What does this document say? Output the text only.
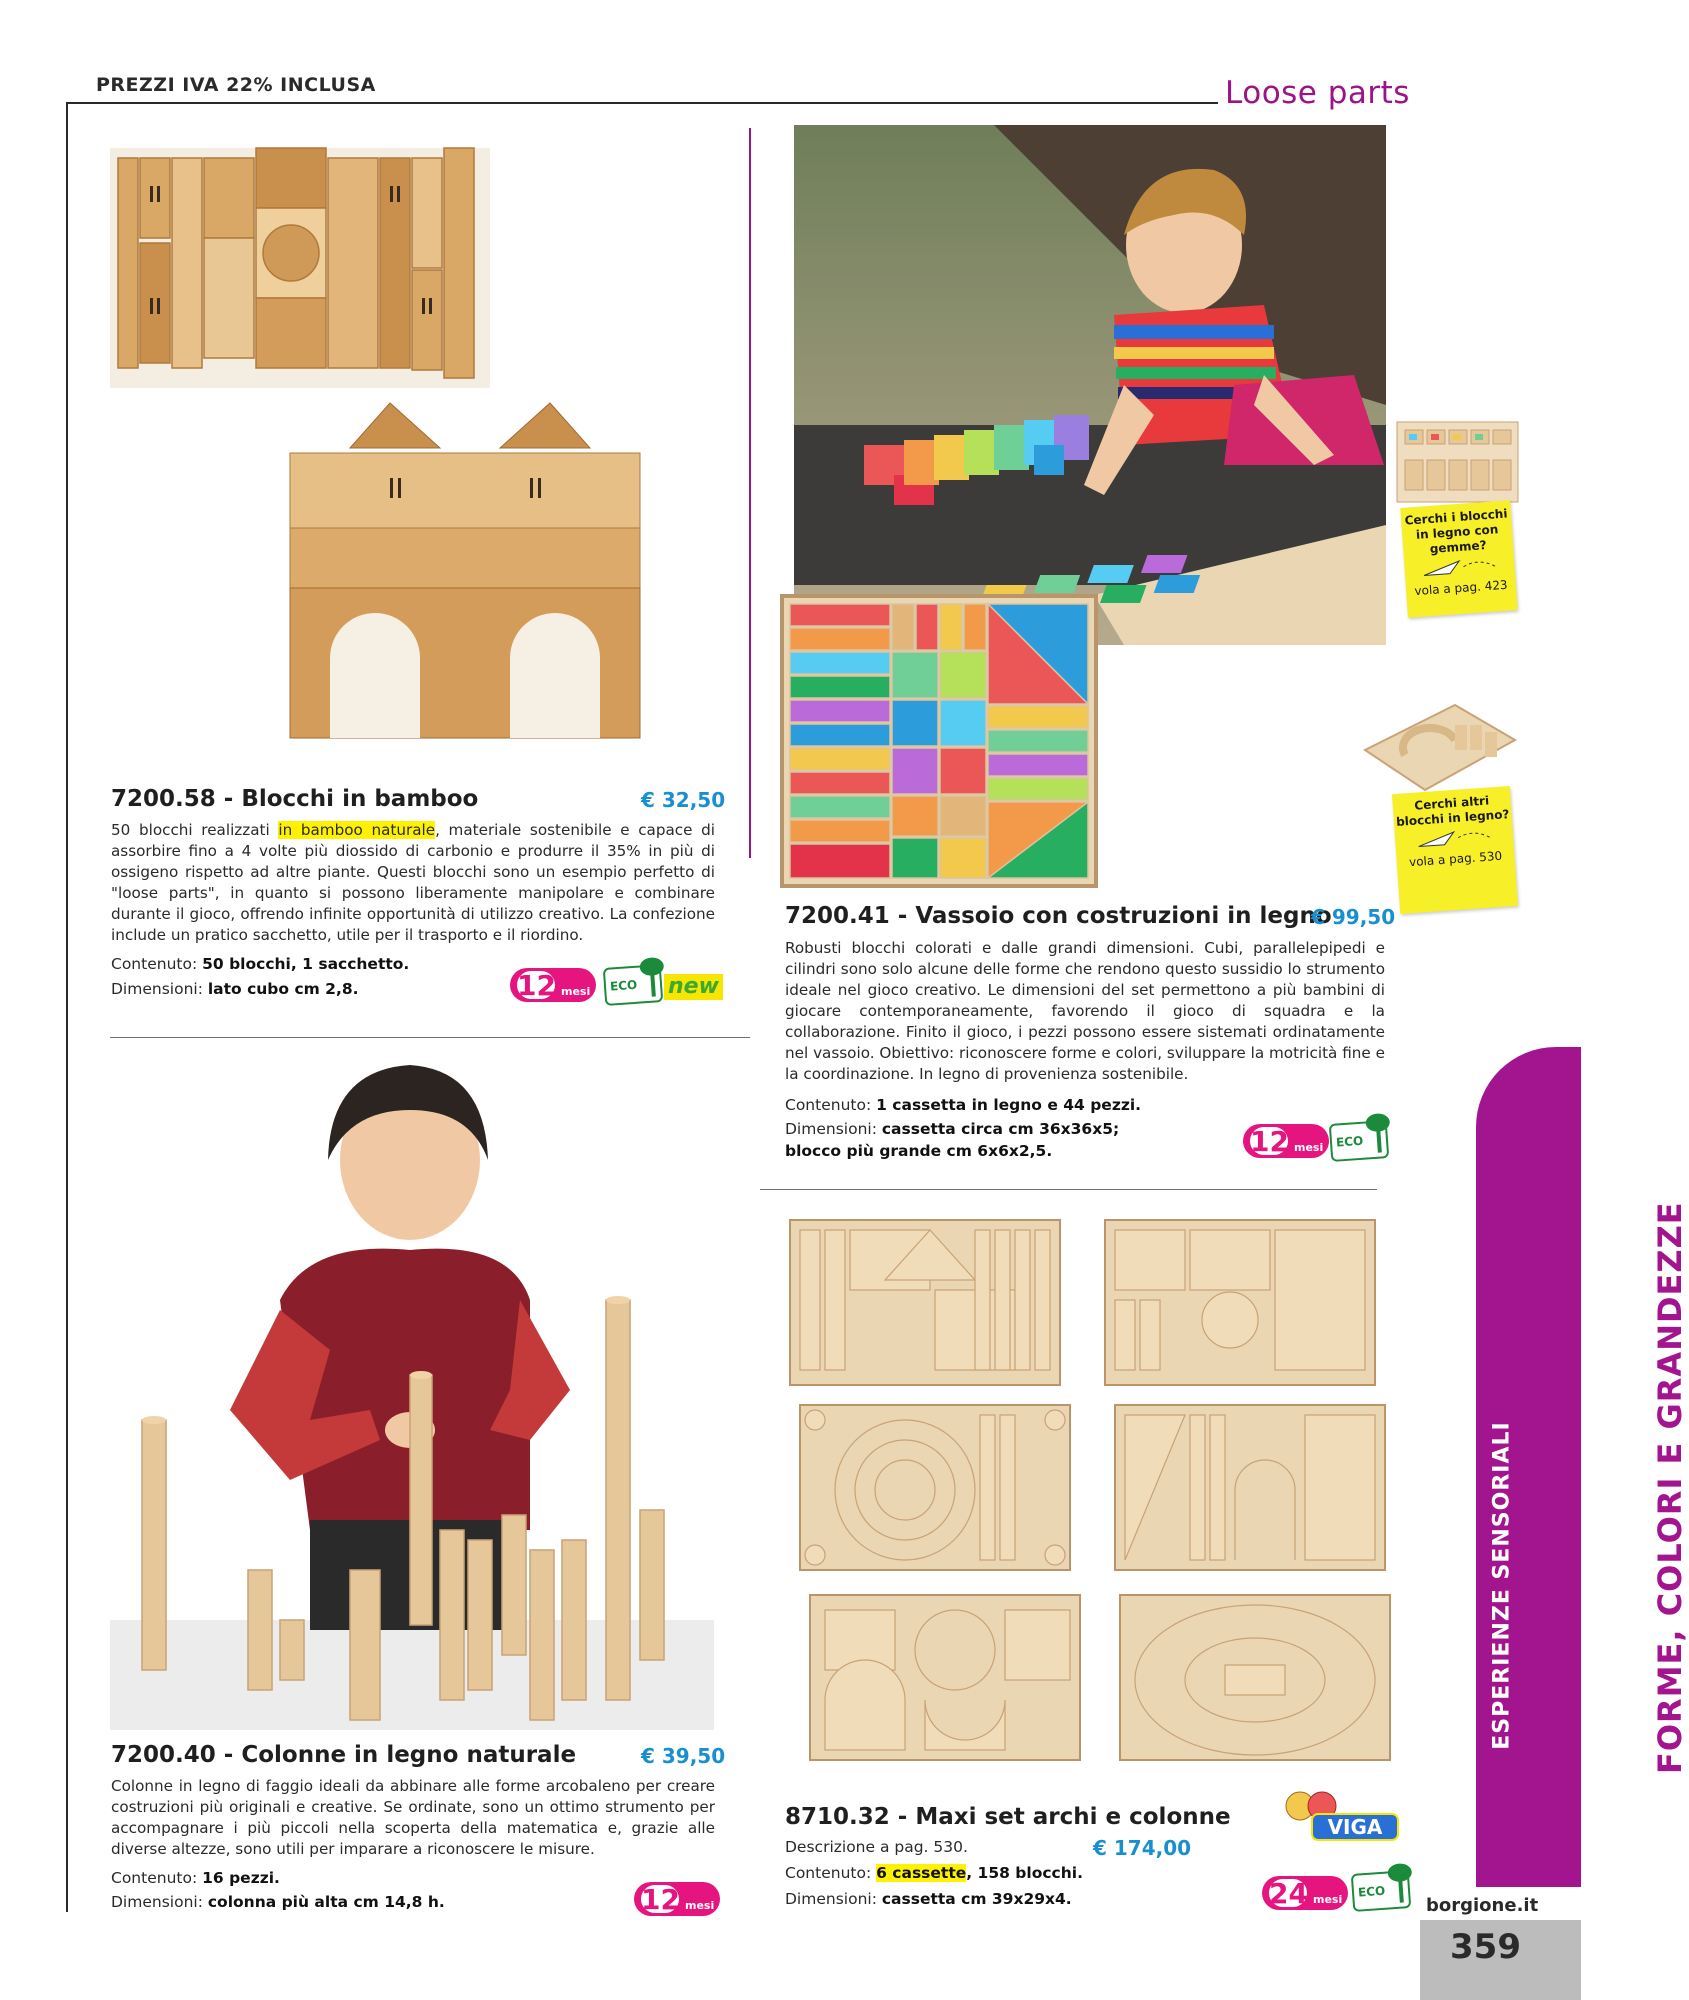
PREZZI IVA 22% INCLUSA	Loose parts
7200.58 - Blocchi in bamboo	€ 32,50
50 blocchi realizzati in bamboo naturale, materiale sostenibile e capace di assorbire fino a 4 volte più diossido di carbonio e produrre il 35% in più di ossigeno rispetto ad altre piante. Questi blocchi sono un esempio perfetto di "loose parts", in quanto si possono liberamente manipolare e combinare durante il gioco, offrendo infinite opportunità di utilizzo creativo. La confezione include un pratico sacchetto, utile per il trasporto e il riordino.
Contenuto: 50 blocchi, 1 sacchetto.
Dimensioni: lato cubo cm 2,8.	12 mesi ECO new
Cerchi i blocchi in legno con gemme?
vola a pag. 423
Cerchi altri blocchi in legno?
vola a pag. 530
7200.41 - Vassoio con costruzioni in legno
€ 99,50
Robusti blocchi colorati e dalle grandi dimensioni. Cubi, parallelepipedi e cilindri sono solo alcune delle forme che rendono questo sussidio lo strumento ideale nel gioco creativo. Le dimensioni del set permettono a più bambini di giocare contemporaneamente, favorendo il gioco di squadra e la collaborazione. Finito il gioco, i pezzi possono essere sistemati ordinatamente nel vassoio. Obiettivo: riconoscere forme e colori, sviluppare la motricità fine e la coordinazione. In legno di provenienza sostenibile.
Contenuto: 1 cassetta in legno e 44 pezzi.
Dimensioni: cassetta circa cm 36x36x5;
blocco più grande cm 6x6x2,5.	12 mesi ECO
7200.40 - Colonne in legno naturale	€ 39,50
Colonne in legno di faggio ideali da abbinare alle forme arcobaleno per creare costruzioni più originali e creative. Se ordinate, sono un ottimo strumento per accompagnare i più piccoli nella scoperta della matematica e, grazie alle diverse altezze, sono utili per imparare a riconoscere le misure.
Contenuto: 16 pezzi.
Dimensioni: colonna più alta cm 14,8 h.	12 mesi
VIGA
8710.32 - Maxi set archi e colonne
Descrizione a pag. 530.	€ 174,00
Contenuto: 6 cassette, 158 blocchi.
Dimensioni: cassetta cm 39x29x4.	24 mesi ECO
FORME, COLORI E GRANDEZZE
ESPERIENZE SENSORIALI
borgione.it
359
